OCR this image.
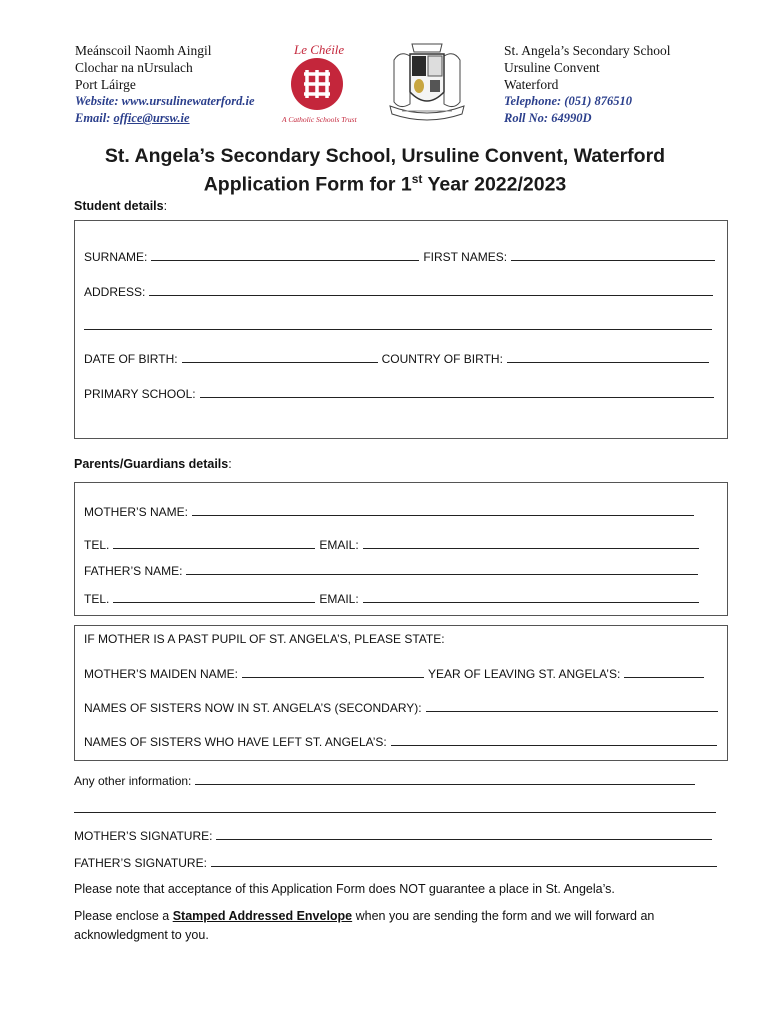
Meánscoil Naomh Aingil
Clochar na nUrsulach
Port Láirge
Website: www.ursulinewaterford.ie
Email: office@ursw.ie
Le Chéile
A Catholic Schools Trust
St. Angela’s Secondary School
Ursuline Convent
Waterford
Telephone: (051) 876510
Roll No: 64990D
St. Angela’s Secondary School, Ursuline Convent, Waterford
Application Form for 1st Year 2022/2023
Student details:
SURNAME:	FIRST NAMES:
ADDRESS:
DATE OF BIRTH:	COUNTRY OF BIRTH:
PRIMARY SCHOOL:
Parents/Guardians details:
MOTHER’S NAME:
TEL.	EMAIL:
FATHER’S NAME:
TEL.	EMAIL:
IF MOTHER IS A PAST PUPIL OF ST. ANGELA’S, PLEASE STATE:
MOTHER’S MAIDEN NAME:	YEAR OF LEAVING ST. ANGELA’S:
NAMES OF SISTERS NOW IN ST. ANGELA’S (SECONDARY):
NAMES OF SISTERS WHO HAVE LEFT ST. ANGELA’S:
Any other information:
MOTHER’S SIGNATURE:
FATHER’S SIGNATURE:
Please note that acceptance of this Application Form does NOT guarantee a place in St. Angela’s.
Please enclose a Stamped Addressed Envelope when you are sending the form and we will forward an acknowledgment to you.
